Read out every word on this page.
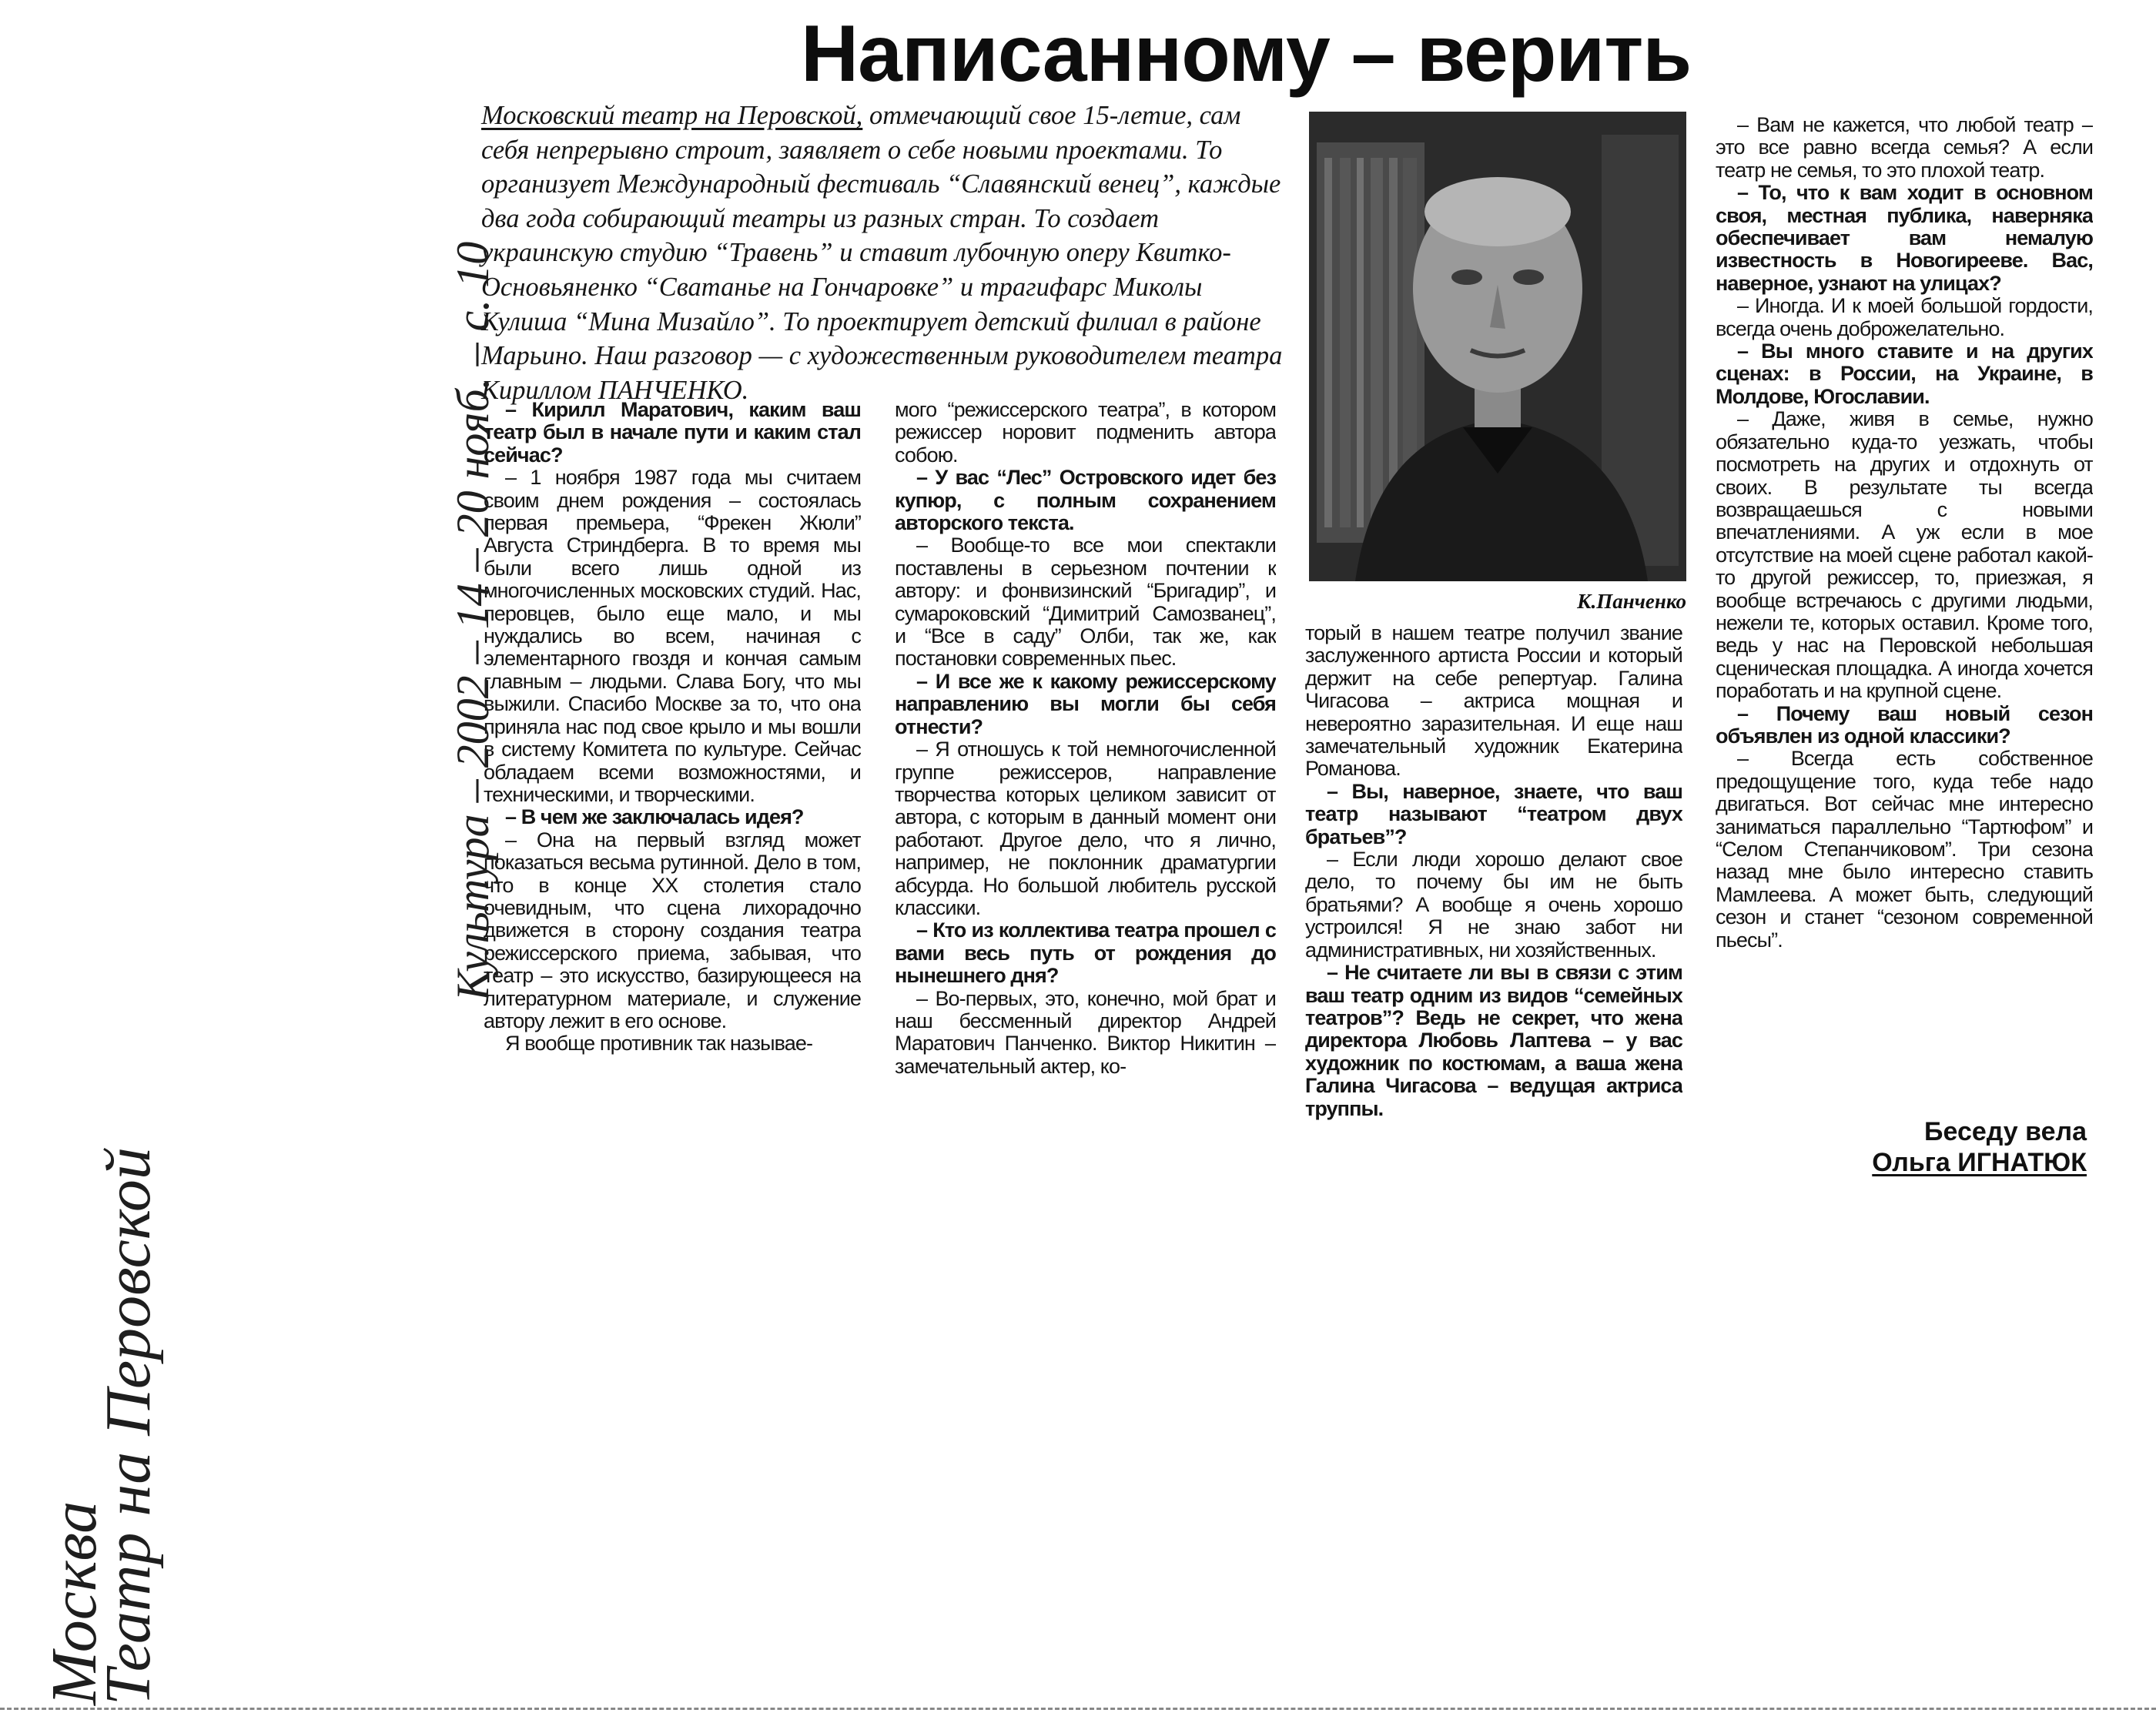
Написанному – верить

Московский театр на Перовской, отмечающий свое 15-летие, сам себя непрерывно строит, заявляет о себе новыми проектами. То организует Международный фестиваль “Славянский венец”, каждые два года собирающий театры из разных стран. То создает украинскую студию “Травень” и ставит лубочную оперу Квитко-Основьяненко “Сватанье на Гончаровке” и трагифарс Миколы Кулиша “Мина Мизайло”. То проектирует детский филиал в районе Марьино. Наш разговор — с художественным руководителем театра Кириллом ПАНЧЕНКО.

К.Панченко

– Кирилл Маратович, каким ваш театр был в начале пути и каким стал сейчас?

– 1 ноября 1987 года мы считаем своим днем рождения – состоялась первая премьера, “Фрекен Жюли” Августа Стриндберга. В то время мы были всего лишь одной из многочисленных московских студий. Нас, перовцев, было еще мало, и мы нуждались во всем, начиная с элементарного гвоздя и кончая самым главным – людьми. Слава Богу, что мы выжили. Спасибо Москве за то, что она приняла нас под свое крыло и мы вошли в систему Комитета по культуре. Сейчас обладаем всеми возможностями, и техническими, и творческими.

– В чем же заключалась идея?

– Она на первый взгляд может показаться весьма рутинной. Дело в том, что в конце XX столетия стало очевидным, что сцена лихорадочно движется в сторону создания театра режиссерского приема, забывая, что театр – это искусство, базирующееся на литературном материале, и служение автору лежит в его основе.

Я вообще противник так называе-

мого “режиссерского театра”, в котором режиссер норовит подменить автора собою.

– У вас “Лес” Островского идет без купюр, с полным сохранением авторского текста.

– Вообще-то все мои спектакли поставлены в серьезном почтении к автору: и фонвизинский “Бригадир”, и сумароковский “Димитрий Самозванец”, и “Все в саду” Олби, так же, как постановки современных пьес.

– И все же к какому режиссерскому направлению вы могли бы себя отнести?

– Я отношусь к той немногочисленной группе режиссеров, направление творчества которых целиком зависит от автора, с которым в данный момент они работают. Другое дело, что я лично, например, не поклонник драматургии абсурда. Но большой любитель русской классики.

– Кто из коллектива театра прошел с вами весь путь от рождения до нынешнего дня?

– Во-первых, это, конечно, мой брат и наш бессменный директор Андрей Маратович Панченко. Виктор Никитин – замечательный актер, ко-

торый в нашем театре получил звание заслуженного артиста России и который держит на себе репертуар. Галина Чигасова – актриса мощная и невероятно заразительная. И еще наш замечательный художник Екатерина Романова.

– Вы, наверное, знаете, что ваш театр называют “театром двух братьев”?

– Если люди хорошо делают свое дело, то почему бы им не быть братьями? А вообще я очень хорошо устроился! Я не знаю забот ни административных, ни хозяйственных.

– Не считаете ли вы в связи с этим ваш театр одним из видов “семейных театров”? Ведь не секрет, что жена директора Любовь Лаптева – у вас художник по костюмам, а ваша жена Галина Чигасова – ведущая актриса труппы.

– Вам не кажется, что любой театр – это все равно всегда семья? А если театр не семья, то это плохой театр.

– То, что к вам ходит в основном своя, местная публика, наверняка обеспечивает вам немалую известность в Новогирееве. Вас, наверное, узнают на улицах?

– Иногда. И к моей большой гордости, всегда очень доброжелательно.

– Вы много ставите и на других сценах: в России, на Украине, в Молдове, Югославии.

– Даже, живя в семье, нужно обязательно куда-то уезжать, чтобы посмотреть на других и отдохнуть от своих. В результате ты всегда возвращаешься с новыми впечатлениями. А уж если в мое отсутствие на моей сцене работал какой-то другой режиссер, то, приезжая, я вообще встречаюсь с другими людьми, нежели те, которых оставил. Кроме того, ведь у нас на Перовской небольшая сценическая площадка. А иногда хочется поработать и на крупной сцене.

– Почему ваш новый сезон объявлен из одной классики?

– Всегда есть собственное предощущение того, куда тебе надо двигаться. Вот сейчас мне интересно заниматься параллельно “Тартюфом” и “Селом Степанчиковом”. Три сезона назад мне было интересно ставить Мамлеева. А может быть, следующий сезон и станет “сезоном современной пьесы”.

Беседу вела
Ольга ИГНАТЮК

Культура – 2002 – 14 – 20 нояб. – с. 10

Москва

Театр на Перовской
